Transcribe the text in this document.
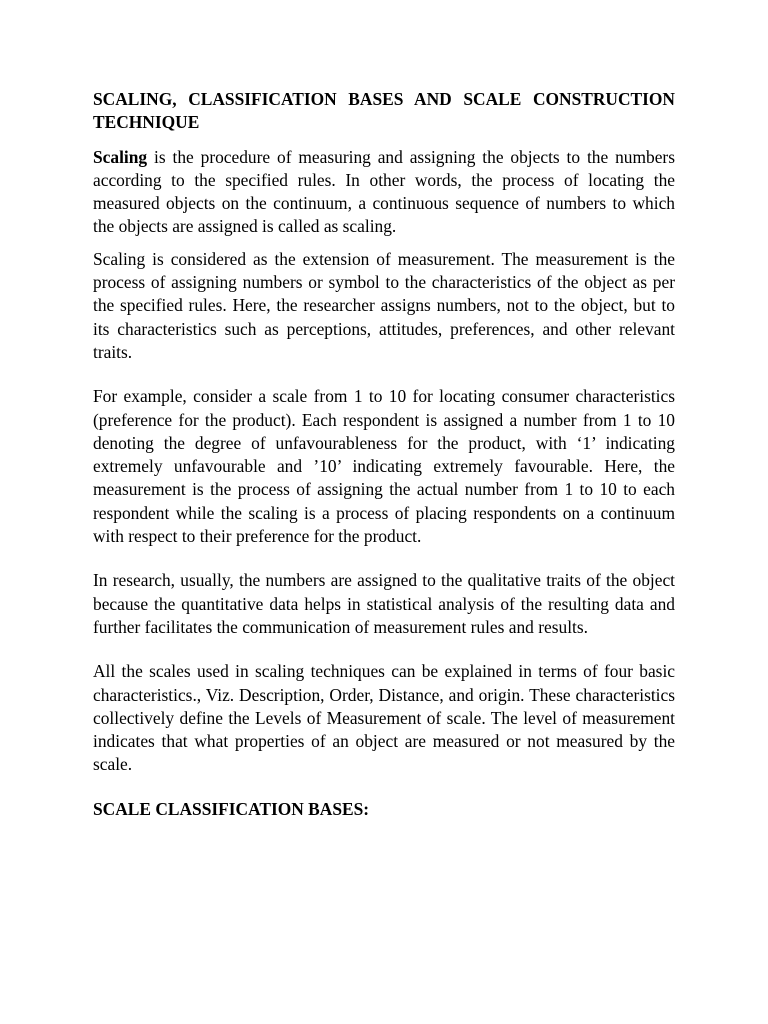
SCALING, CLASSIFICATION BASES AND SCALE CONSTRUCTION TECHNIQUE

Scaling is the procedure of measuring and assigning the objects to the numbers according to the specified rules. In other words, the process of locating the measured objects on the continuum, a continuous sequence of numbers to which the objects are assigned is called as scaling.

Scaling is considered as the extension of measurement. The measurement is the process of assigning numbers or symbol to the characteristics of the object as per the specified rules. Here, the researcher assigns numbers, not to the object, but to its characteristics such as perceptions, attitudes, preferences, and other relevant traits.

For example, consider a scale from 1 to 10 for locating consumer characteristics (preference for the product). Each respondent is assigned a number from 1 to 10 denoting the degree of unfavourableness for the product, with ‘1’ indicating extremely unfavourable and ’10’ indicating extremely favourable. Here, the measurement is the process of assigning the actual number from 1 to 10 to each respondent while the scaling is a process of placing respondents on a continuum with respect to their preference for the product.

In research, usually, the numbers are assigned to the qualitative traits of the object because the quantitative data helps in statistical analysis of the resulting data and further facilitates the communication of measurement rules and results.

All the scales used in scaling techniques can be explained in terms of four basic characteristics., Viz. Description, Order, Distance, and origin. These characteristics collectively define the Levels of Measurement of scale. The level of measurement indicates that what properties of an object are measured or not measured by the scale.

SCALE CLASSIFICATION BASES:
